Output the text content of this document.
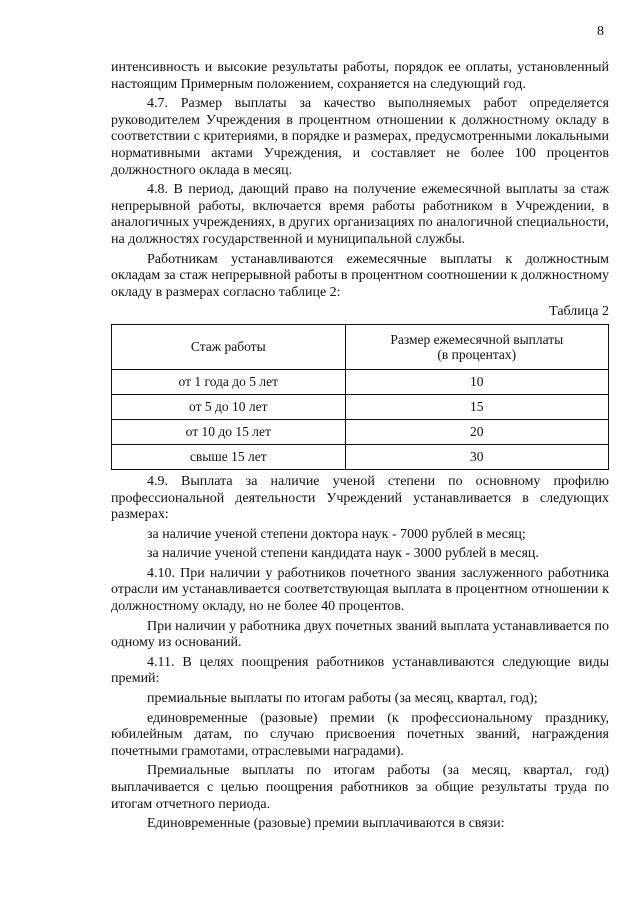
8

интенсивность и высокие результаты работы, порядок ее оплаты, установленный настоящим Примерным положением, сохраняется на следующий год.

4.7. Размер выплаты за качество выполняемых работ определяется руководителем Учреждения в процентном отношении к должностному окладу в соответствии с критериями, в порядке и размерах, предусмотренными локальными нормативными актами Учреждения, и составляет не более 100 процентов должностного оклада в месяц.

4.8. В период, дающий право на получение ежемесячной выплаты за стаж непрерывной работы, включается время работы работником в Учреждении, в аналогичных учреждениях, в других организациях по аналогичной специальности, на должностях государственной и муниципальной службы.

Работникам устанавливаются ежемесячные выплаты к должностным окладам за стаж непрерывной работы в процентном соотношении к должностному окладу в размерах согласно таблице 2:

Таблица 2

Стаж работы	Размер ежемесячной выплаты
(в процентах)
от 1 года до 5 лет	10
от 5 до 10 лет	15
от 10 до 15 лет	20
свыше 15 лет	30

4.9. Выплата за наличие ученой степени по основному профилю профессиональной деятельности Учреждений устанавливается в следующих размерах:

за наличие ученой степени доктора наук - 7000 рублей в месяц;

за наличие ученой степени кандидата наук - 3000 рублей в месяц.

4.10. При наличии у работников почетного звания заслуженного работника отрасли им устанавливается соответствующая выплата в процентном отношении к должностному окладу, но не более 40 процентов.

При наличии у работника двух почетных званий выплата устанавливается по одному из оснований.

4.11. В целях поощрения работников устанавливаются следующие виды премий:

премиальные выплаты по итогам работы (за месяц, квартал, год);

единовременные (разовые) премии (к профессиональному празднику, юбилейным датам, по случаю присвоения почетных званий, награждения почетными грамотами, отраслевыми наградами).

Премиальные выплаты по итогам работы (за месяц, квартал, год) выплачивается с целью поощрения работников за общие результаты труда по итогам отчетного периода.

Единовременные (разовые) премии выплачиваются в связи:
